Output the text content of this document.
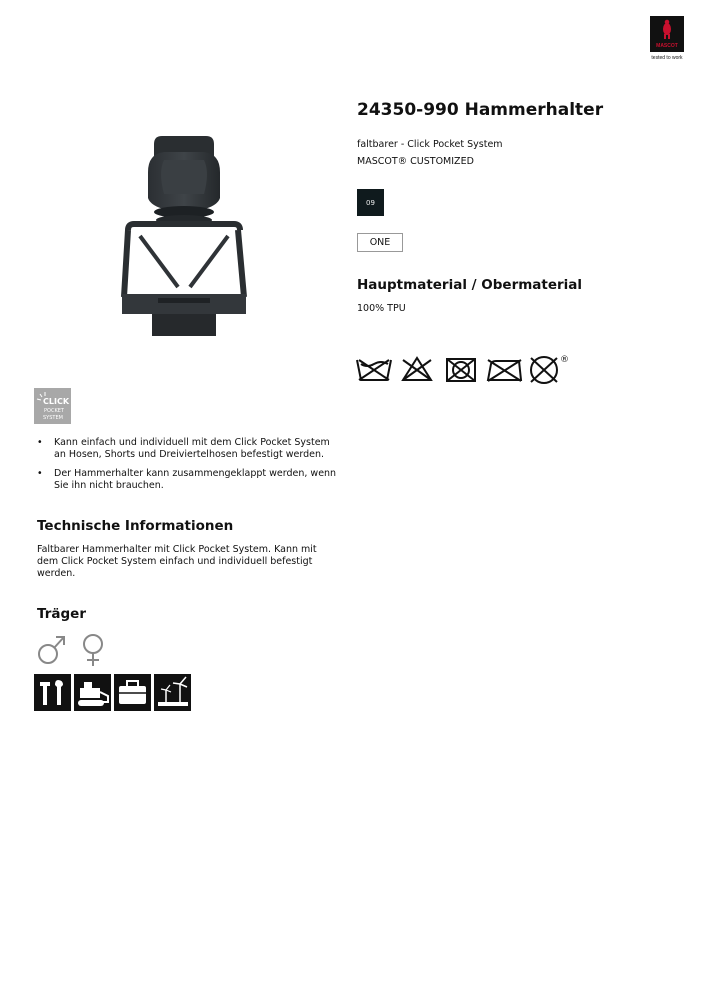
MASCOT
tested to work
24350-990 Hammerhalter
faltbarer - Click Pocket System
MASCOT® CUSTOMIZED
09
ONE
Hauptmaterial / Obermaterial
100% TPU
®
CLICK
POCKET
SYSTEM
• Kann einfach und individuell mit dem Click Pocket System an Hosen, Shorts und Dreiviertelhosen befestigt werden.
• Der Hammerhalter kann zusammengeklappt werden, wenn Sie ihn nicht brauchen.
Technische Informationen
Faltbarer Hammerhalter mit Click Pocket System. Kann mit dem Click Pocket System einfach und individuell befestigt werden.
Träger
